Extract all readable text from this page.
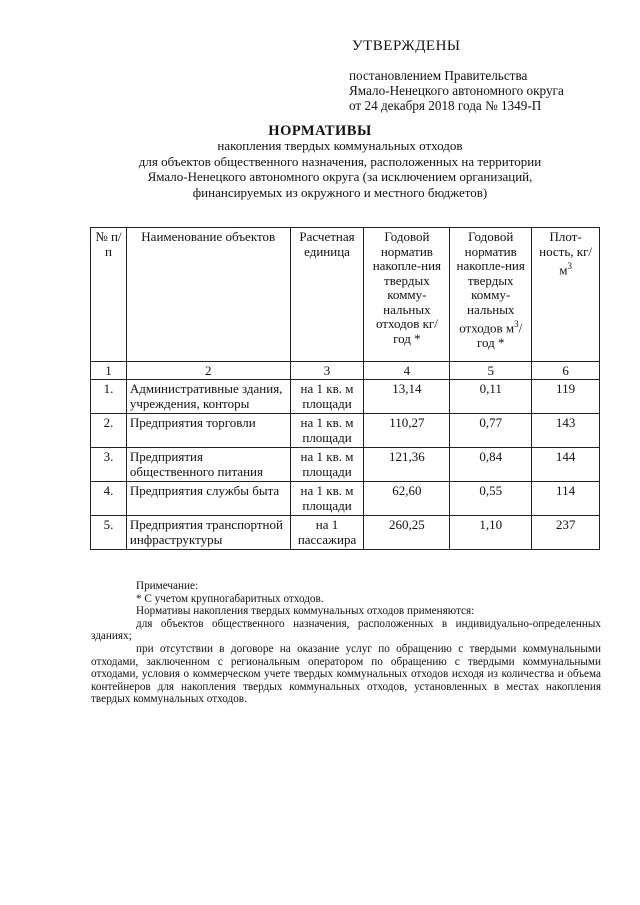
УТВЕРЖДЕНЫ
постановлением Правительства
Ямало-Ненецкого автономного округа
от 24 декабря 2018 года № 1349-П
НОРМАТИВЫ
накопления твердых коммунальных отходов
для объектов общественного назначения, расположенных на территории
Ямало-Ненецкого автономного округа (за исключением организаций,
финансируемых из окружного и местного бюджетов)
№ п/п	Наименование объектов	Расчетная единица	Годовой норматив накопле-ния твердых комму-нальных отходов кг/год *	Годовой норматив накопле-ния твердых комму-нальных отходов $м^3$/год *	Плот-ность, $кг/м^3$
1	2	3	4	5	6
1.	Административные здания, учреждения, конторы	на 1 кв. м площади	13,14	0,11	119
2.	Предприятия торговли	на 1 кв. м площади	110,27	0,77	143
3.	Предприятия общественного питания	на 1 кв. м площади	121,36	0,84	144
4.	Предприятия службы быта	на 1 кв. м площади	62,60	0,55	114
5.	Предприятия транспортной инфраструктуры	на 1 пассажира	260,25	1,10	237

Примечание:

* С учетом крупногабаритных отходов.

Нормативы накопления твердых коммунальных отходов применяются:

для объектов общественного назначения, расположенных в индивидуально-определенных зданиях;

при отсутствии в договоре на оказание услуг по обращению с твердыми коммунальными отходами, заключенном с региональным оператором по обращению с твердыми коммунальными отходами, условия о коммерческом учете твердых коммунальных отходов исходя из количества и объема контейнеров для накопления твердых коммунальных отходов, установленных в местах накопления твердых коммунальных отходов.
